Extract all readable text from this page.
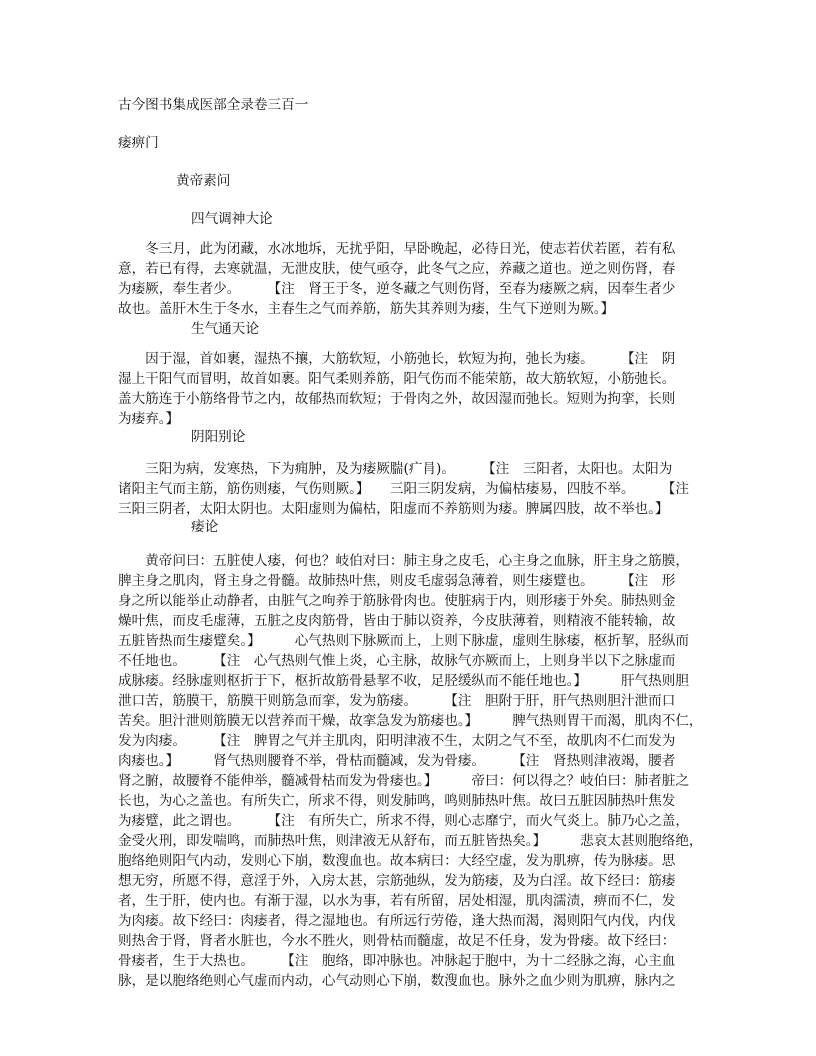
古今图书集成医部全录卷三百一
痿痹门
黄帝素问
四气调神大论
　　冬三月，此为闭藏，水冰地坼，无扰乎阳，早卧晚起，必待日光，使志若伏若匿，若有私
意，若已有得，去寒就温，无泄皮肤，使气亟夺，此冬气之应，养藏之道也。逆之则伤肾，春
为痿厥，奉生者少。　　　【注　肾王于冬，逆冬藏之气则伤肾，至春为痿厥之病，因奉生者少
故也。盖肝木生于冬水，主春生之气而养筋，筋失其养则为痿，生气下逆则为厥。】
生气通天论
　　因于湿，首如裹，湿热不攘，大筋软短，小筋弛长，软短为拘，弛长为痿。　　　【注　阴
湿上干阳气而冒明，故首如裹。阳气柔则养筋，阳气伤而不能荣筋，故大筋软短，小筋弛长。
盖大筋连于小筋络骨节之内，故郁热而软短；于骨肉之外，故因湿而弛长。短则为拘挛，长则
为痿弃。】
阴阳别论
　　三阳为病，发寒热，下为痈肿，及为痿厥腨(疒肙)。　　　【注　三阳者，太阳也。太阳为
诸阳主气而主筋，筋伤则痿，气伤则厥。】　　三阳三阴发病，为偏枯痿易，四肢不举。　　　【注
三阳三阴者，太阳太阴也。太阳虚则为偏枯，阳虚而不养筋则为痿。脾属四肢，故不举也。】
痿论
　　黄帝问曰：五脏使人痿，何也？岐伯对曰：肺主身之皮毛，心主身之血脉，肝主身之筋膜，
脾主身之肌肉，肾主身之骨髓。故肺热叶焦，则皮毛虚弱急薄着，则生痿躄也。　　　【注　形
身之所以能举止动静者，由脏气之呴养于筋脉骨肉也。使脏病于内，则形痿于外矣。肺热则金
燥叶焦，而皮毛虚薄，五脏之皮肉筋骨，皆由于肺以资养，今皮肤薄着，则精液不能转输，故
五脏皆热而生痿躄矣。】　　　心气热则下脉厥而上，上则下脉虚，虚则生脉痿，枢折挈，胫纵而
不任地也。　　　【注　心气热则气惟上炎，心主脉，故脉气亦厥而上，上则身半以下之脉虚而
成脉痿。经脉虚则枢折于下，枢折故筋骨悬挈不收，足胫缓纵而不能任地也。】　　　肝气热则胆
泄口苦，筋膜干，筋膜干则筋急而挛，发为筋痿。　　　【注　胆附于肝，肝气热则胆汁泄而口
苦矣。胆汁泄则筋膜无以营养而干燥，故挛急发为筋痿也。】　　　脾气热则胃干而渴，肌肉不仁，
发为肉痿。　　　【注　脾胃之气并主肌肉，阳明津液不生，太阴之气不至，故肌肉不仁而发为
肉痿也。】　　　肾气热则腰脊不举，骨枯而髓减，发为骨痿。　　　【注　肾热则津液竭，腰者
肾之腑，故腰脊不能伸举，髓减骨枯而发为骨痿也。】　　　帝曰：何以得之？岐伯曰：肺者脏之
长也，为心之盖也。有所失亡，所求不得，则发肺鸣，鸣则肺热叶焦。故曰五脏因肺热叶焦发
为痿躄，此之谓也。　　　【注　有所失亡，所求不得，则心志靡宁，而火气炎上。肺乃心之盖，
金受火刑，即发喘鸣，而肺热叶焦，则津液无从舒布，而五脏皆热矣。】　　　悲哀太甚则胞络绝，
胞络绝则阳气内动，发则心下崩，数溲血也。故本病曰：大经空虚，发为肌痹，传为脉痿。思
想无穷，所愿不得，意淫于外，入房太甚，宗筋弛纵，发为筋痿，及为白淫。故下经曰：筋痿
者，生于肝，使内也。有渐于湿，以水为事，若有所留，居处相湿，肌肉濡渍，痹而不仁，发
为肉痿。故下经曰：肉痿者，得之湿地也。有所远行劳倦，逢大热而渴，渴则阳气内伐，内伐
则热舍于肾，肾者水脏也，今水不胜火，则骨枯而髓虚，故足不任身，发为骨痿。故下经曰：
骨痿者，生于大热也。　　　【注　胞络，即冲脉也。冲脉起于胞中，为十二经脉之海，心主血
脉，是以胞络绝则心气虚而内动，心气动则心下崩，数溲血也。脉外之血少则为肌痹，脉内之
